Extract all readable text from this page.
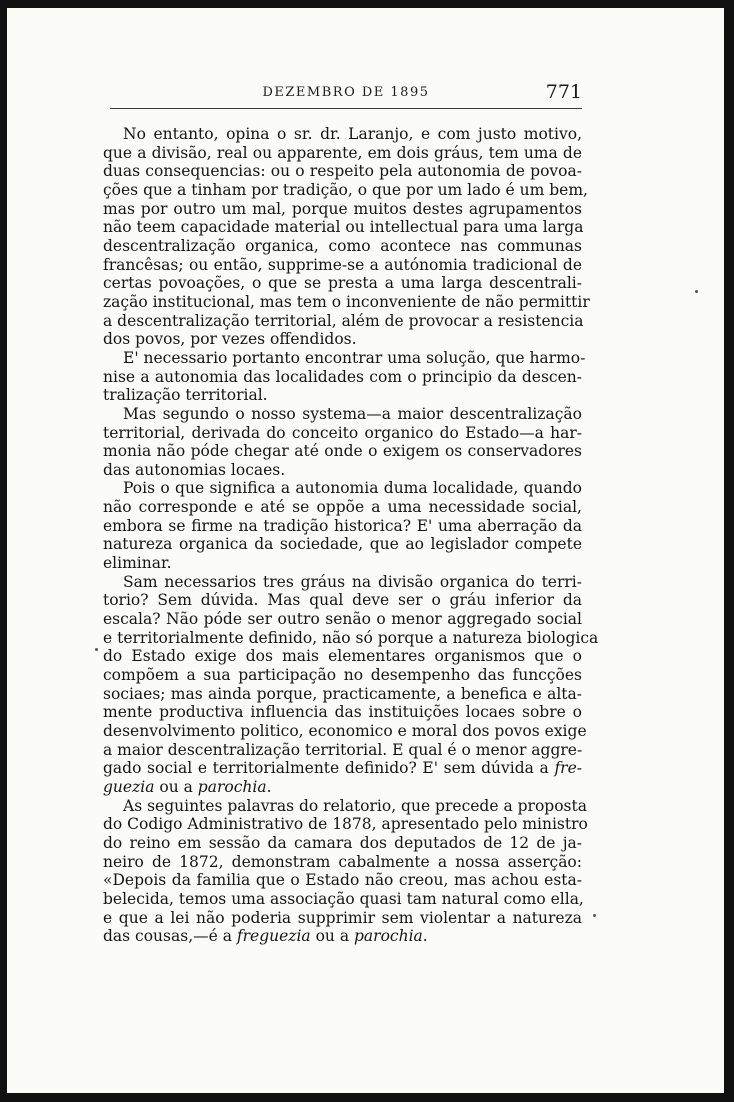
DEZEMBRO DE 1895	771

No entanto, opina o sr. dr. Laranjo, e com justo motivo,
que a divisão, real ou apparente, em dois gráus, tem uma de
duas consequencias: ou o respeito pela autonomia de povoa-
ções que a tinham por tradição, o que por um lado é um bem,
mas por outro um mal, porque muitos destes agrupamentos
não teem capacidade material ou intellectual para uma larga
descentralização organica, como acontece nas communas
francêsas; ou então, supprime-se a autónomia tradicional de
certas povoações, o que se presta a uma larga descentrali-
zação institucional, mas tem o inconveniente de não permittir
a descentralização territorial, além de provocar a resistencia
dos povos, por vezes offendidos.

E' necessario portanto encontrar uma solução, que harmo-
nise a autonomia das localidades com o principio da descen-
tralização territorial.

Mas segundo o nosso systema—a maior descentralização
territorial, derivada do conceito organico do Estado—a har-
monia não póde chegar até onde o exigem os conservadores
das autonomias locaes.

Pois o que significa a autonomia duma localidade, quando
não corresponde e até se oppõe a uma necessidade social,
embora se firme na tradição historica? E' uma aberração da
natureza organica da sociedade, que ao legislador compete
eliminar.

Sam necessarios tres gráus na divisão organica do terri-
torio? Sem dúvida. Mas qual deve ser o gráu inferior da
escala? Não póde ser outro senão o menor aggregado social
e territorialmente definido, não só porque a natureza biologica
do Estado exige dos mais elementares organismos que o
compõem a sua participação no desempenho das funcções
sociaes; mas ainda porque, practicamente, a benefica e alta-
mente productiva influencia das instituições locaes sobre o
desenvolvimento politico, economico e moral dos povos exige
a maior descentralização territorial. E qual é o menor aggre-
gado social e territorialmente definido? E' sem dúvida a fre-
guezia ou a parochia.

As seguintes palavras do relatorio, que precede a proposta
do Codigo Administrativo de 1878, apresentado pelo ministro
do reino em sessão da camara dos deputados de 12 de ja-
neiro de 1872, demonstram cabalmente a nossa asserção:
«Depois da familia que o Estado não creou, mas achou esta-
belecida, temos uma associação quasi tam natural como ella,
e que a lei não poderia supprimir sem violentar a natureza
das cousas,—é a freguezia ou a parochia.
